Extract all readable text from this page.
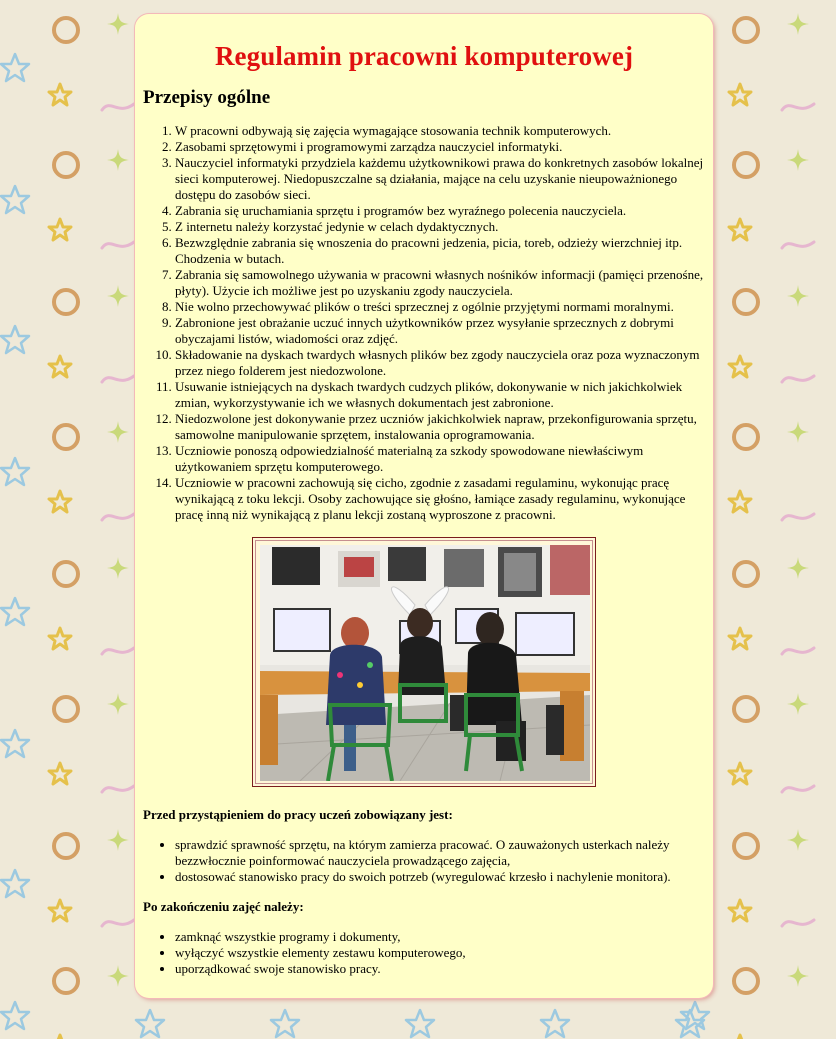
Regulamin pracowni komputerowej
Przepisy ogólne
1. W pracowni odbywają się zajęcia wymagające stosowania technik komputerowych.
2. Zasobami sprzętowymi i programowymi zarządza nauczyciel informatyki.
3. Nauczyciel informatyki przydziela każdemu użytkownikowi prawa do konkretnych zasobów lokalnej sieci komputerowej. Niedopuszczalne są działania, mające na celu uzyskanie nieupoważnionego dostępu do zasobów sieci.
4. Zabrania się uruchamiania sprzętu i programów bez wyraźnego polecenia nauczyciela.
5. Z internetu należy korzystać jedynie w celach dydaktycznych.
6. Bezwzględnie zabrania się wnoszenia do pracowni jedzenia, picia, toreb, odzieży wierzchniej itp. Chodzenia w butach.
7. Zabrania się samowolnego używania w pracowni własnych nośników informacji (pamięci przenośne, płyty). Użycie ich możliwe jest po uzyskaniu zgody nauczyciela.
8. Nie wolno przechowywać plików o treści sprzecznej z ogólnie przyjętymi normami moralnymi.
9. Zabronione jest obrażanie uczuć innych użytkowników przez wysyłanie sprzecznych z dobrymi obyczajami listów, wiadomości oraz zdjęć.
10. Składowanie na dyskach twardych własnych plików bez zgody nauczyciela oraz poza wyznaczonym przez niego folderem jest niedozwolone.
11. Usuwanie istniejących na dyskach twardych cudzych plików, dokonywanie w nich jakichkolwiek zmian, wykorzystywanie ich we własnych dokumentach jest zabronione.
12. Niedozwolone jest dokonywanie przez uczniów jakichkolwiek napraw, przekonfigurowania sprzętu, samowolne manipulowanie sprzętem, instalowania oprogramowania.
13. Uczniowie ponoszą odpowiedzialność materialną za szkody spowodowane niewłaściwym użytkowaniem sprzętu komputerowego.
14. Uczniowie w pracowni zachowują się cicho, zgodnie z zasadami regulaminu, wykonując pracę wynikającą z toku lekcji. Osoby zachowujące się głośno, łamiące zasady regulaminu, wykonujące pracę inną niż wynikającą z planu lekcji zostaną wyproszone z pracowni.

Przed przystąpieniem do pracy uczeń zobowiązany jest:

• sprawdzić sprawność sprzętu, na którym zamierza pracować. O zauważonych usterkach należy bezzwłocznie poinformować nauczyciela prowadzącego zajęcia,
• dostosować stanowisko pracy do swoich potrzeb (wyregulować krzesło i nachylenie monitora).

Po zakończeniu zajęć należy:

• zamknąć wszystkie programy i dokumenty,
• wyłączyć wszystkie elementy zestawu komputerowego,
• uporządkować swoje stanowisko pracy.
